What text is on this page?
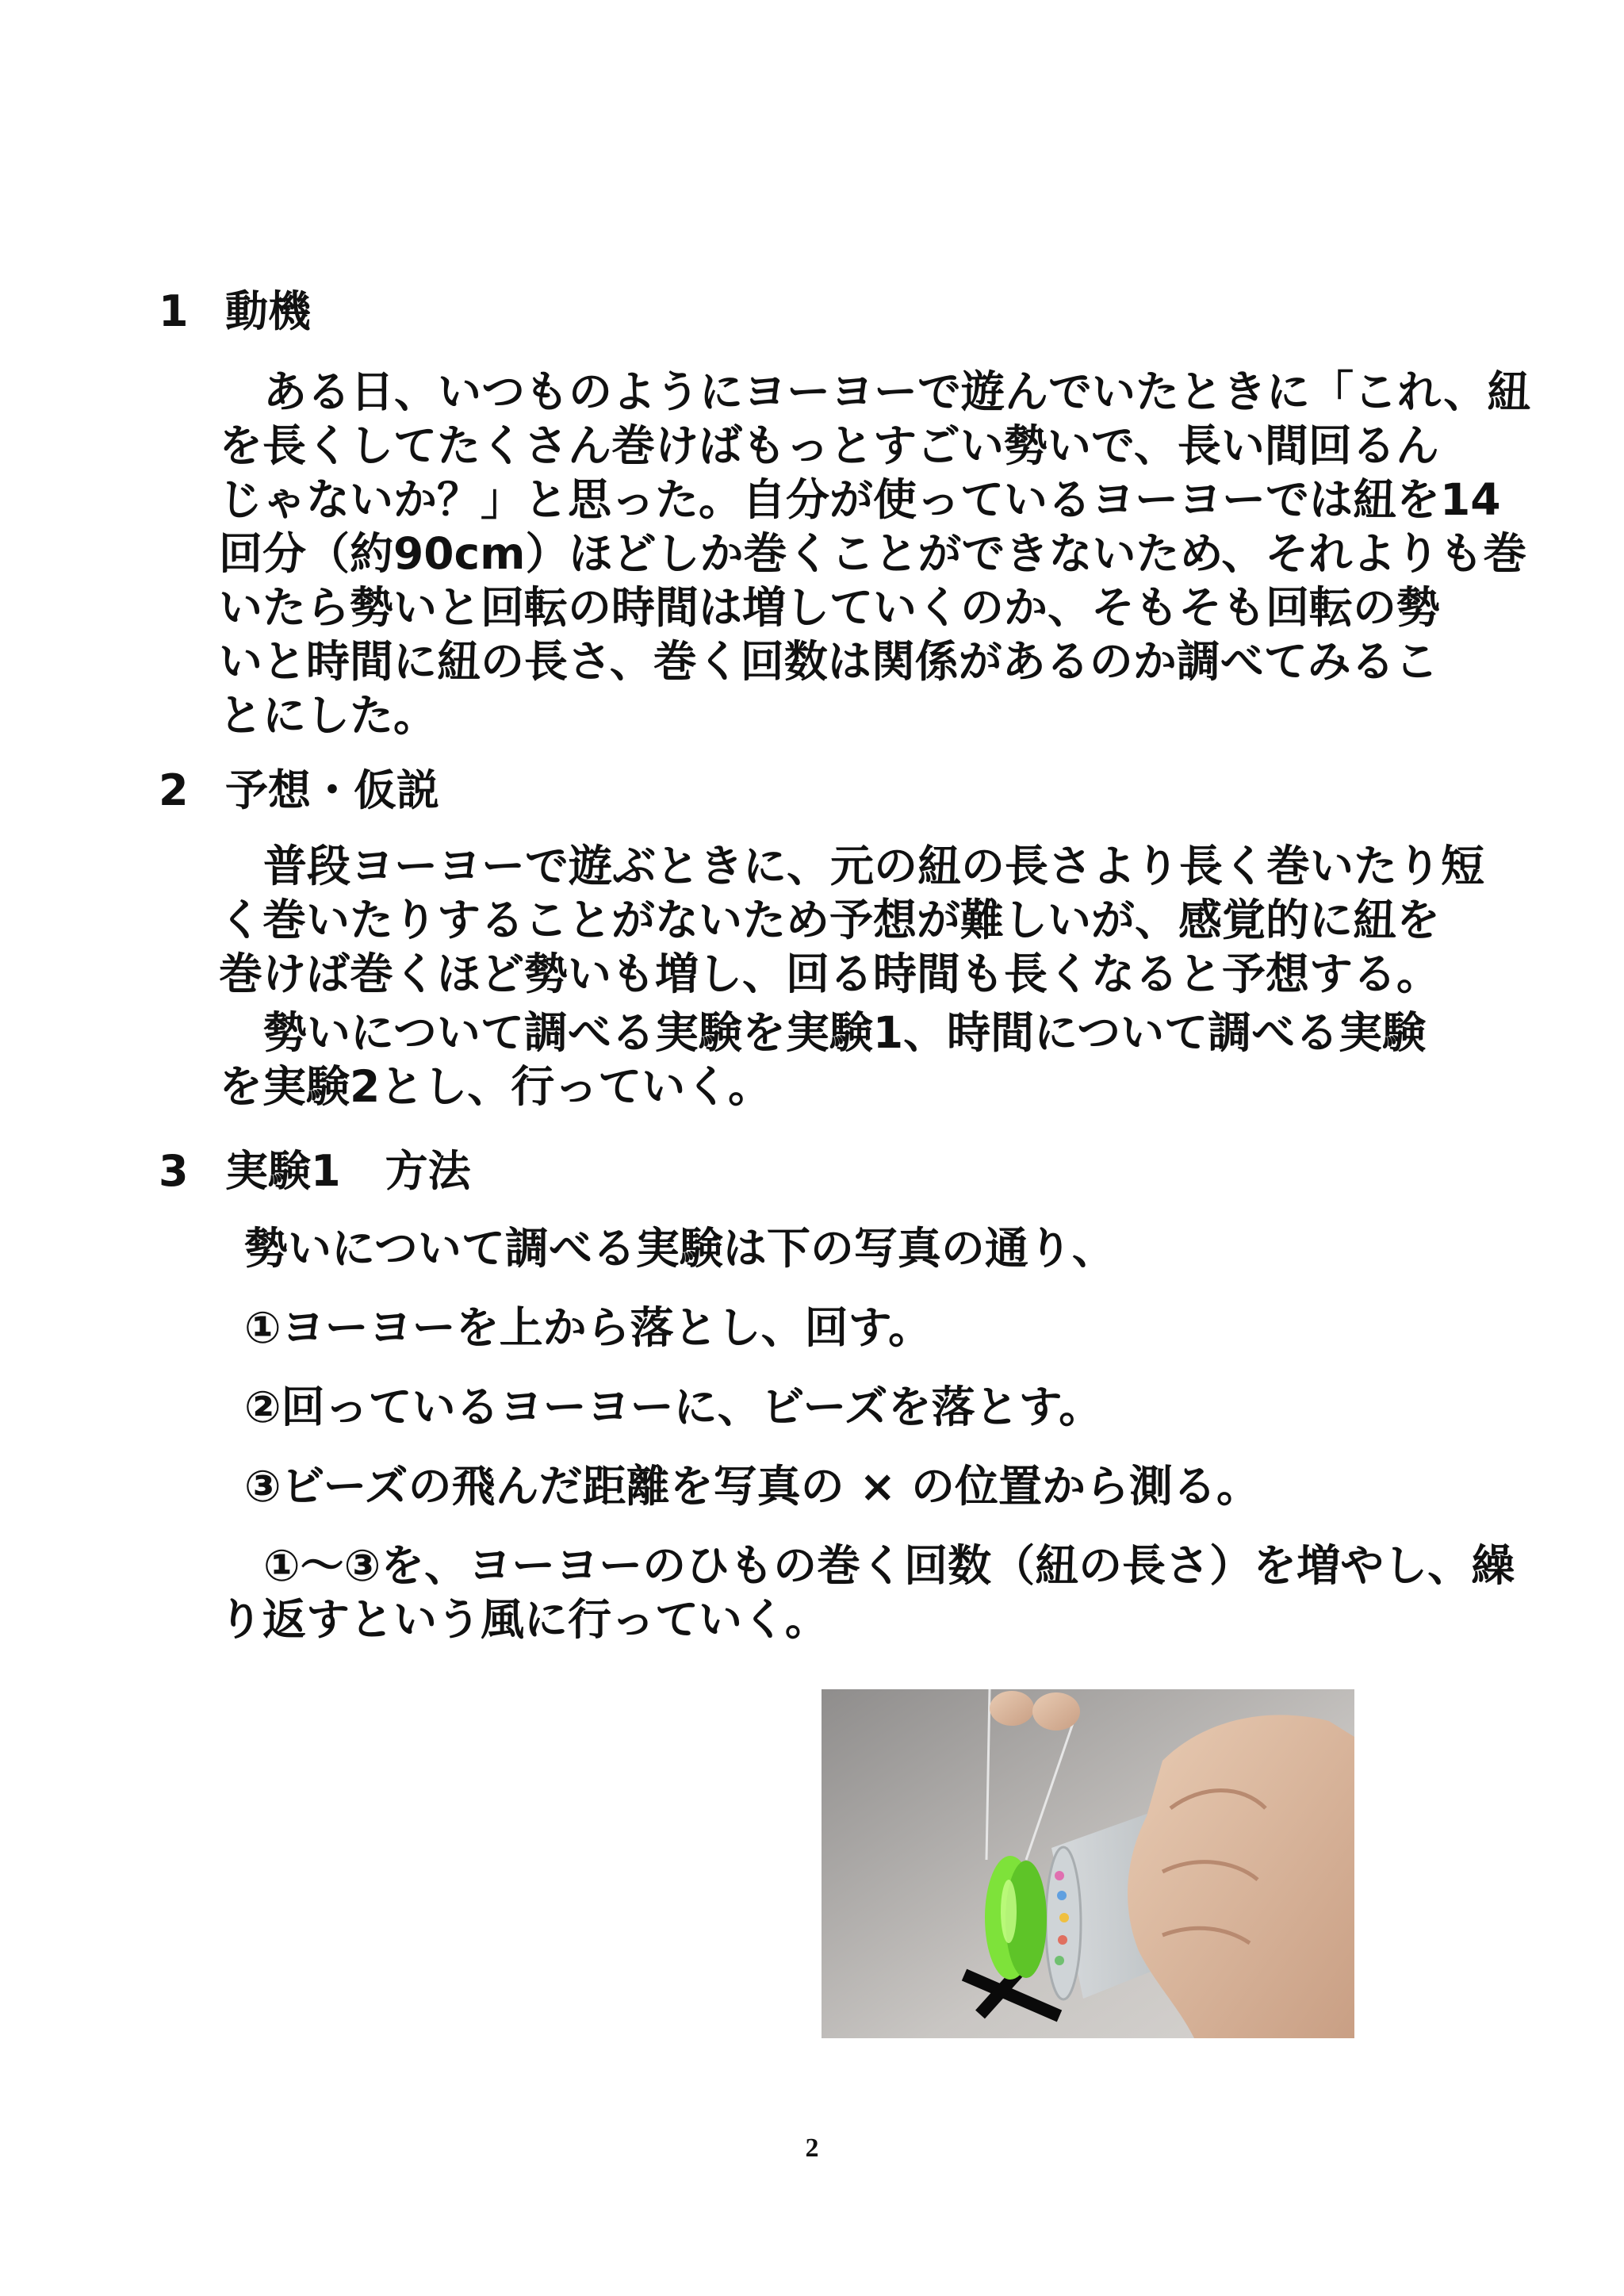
1 動機
ある日、いつものようにヨーヨーで遊んでいたときに「これ、紐
を長くしてたくさん巻けばもっとすごい勢いで、長い間回るん
じゃないか？」と思った。自分が使っているヨーヨーでは紐を14
回分（約90cm）ほどしか巻くことができないため、それよりも巻
いたら勢いと回転の時間は増していくのか、そもそも回転の勢
いと時間に紐の長さ、巻く回数は関係があるのか調べてみるこ
とにした。
2 予想・仮説
普段ヨーヨーで遊ぶときに、元の紐の長さより長く巻いたり短
く巻いたりすることがないため予想が難しいが、感覚的に紐を
巻けば巻くほど勢いも増し、回る時間も長くなると予想する。
勢いについて調べる実験を実験1、時間について調べる実験
を実験2とし、行っていく。
3 実験1 方法
勢いについて調べる実験は下の写真の通り、
①ヨーヨーを上から落とし、回す。
②回っているヨーヨーに、ビーズを落とす。
③ビーズの飛んだ距離を写真の × の位置から測る。
①～③を、ヨーヨーのひもの巻く回数（紐の長さ）を増やし、繰
り返すという風に行っていく。
2
